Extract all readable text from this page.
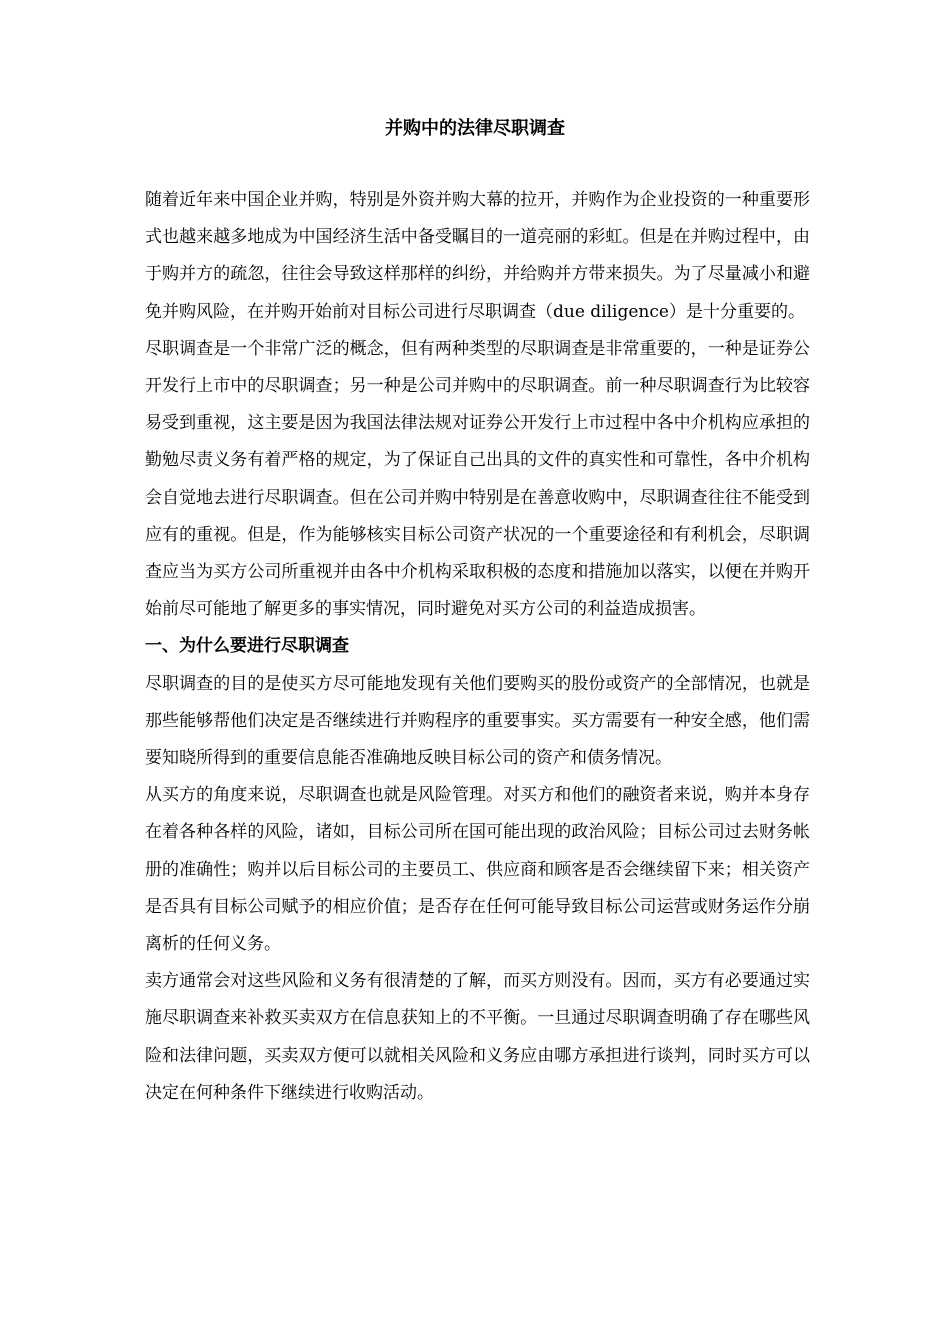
并购中的法律尽职调查

随着近年来中国企业并购，特别是外资并购大幕的拉开，并购作为企业投资的一种重要形式也越来越多地成为中国经济生活中备受瞩目的一道亮丽的彩虹。但是在并购过程中，由于购并方的疏忽，往往会导致这样那样的纠纷，并给购并方带来损失。为了尽量减小和避免并购风险，在并购开始前对目标公司进行尽职调查（due diligence）是十分重要的。

尽职调查是一个非常广泛的概念，但有两种类型的尽职调查是非常重要的，一种是证券公开发行上市中的尽职调查；另一种是公司并购中的尽职调查。前一种尽职调查行为比较容易受到重视，这主要是因为我国法律法规对证券公开发行上市过程中各中介机构应承担的勤勉尽责义务有着严格的规定，为了保证自己出具的文件的真实性和可靠性，各中介机构会自觉地去进行尽职调查。但在公司并购中特别是在善意收购中，尽职调查往往不能受到应有的重视。但是，作为能够核实目标公司资产状况的一个重要途径和有利机会，尽职调查应当为买方公司所重视并由各中介机构采取积极的态度和措施加以落实，以便在并购开始前尽可能地了解更多的事实情况，同时避免对买方公司的利益造成损害。

一、为什么要进行尽职调查

尽职调查的目的是使买方尽可能地发现有关他们要购买的股份或资产的全部情况，也就是那些能够帮他们决定是否继续进行并购程序的重要事实。买方需要有一种安全感，他们需要知晓所得到的重要信息能否准确地反映目标公司的资产和债务情况。

从买方的角度来说，尽职调查也就是风险管理。对买方和他们的融资者来说，购并本身存在着各种各样的风险，诸如，目标公司所在国可能出现的政治风险；目标公司过去财务帐册的准确性；购并以后目标公司的主要员工、供应商和顾客是否会继续留下来；相关资产是否具有目标公司赋予的相应价值；是否存在任何可能导致目标公司运营或财务运作分崩离析的任何义务。

卖方通常会对这些风险和义务有很清楚的了解，而买方则没有。因而，买方有必要通过实施尽职调查来补救买卖双方在信息获知上的不平衡。一旦通过尽职调查明确了存在哪些风险和法律问题，买卖双方便可以就相关风险和义务应由哪方承担进行谈判，同时买方可以决定在何种条件下继续进行收购活动。
